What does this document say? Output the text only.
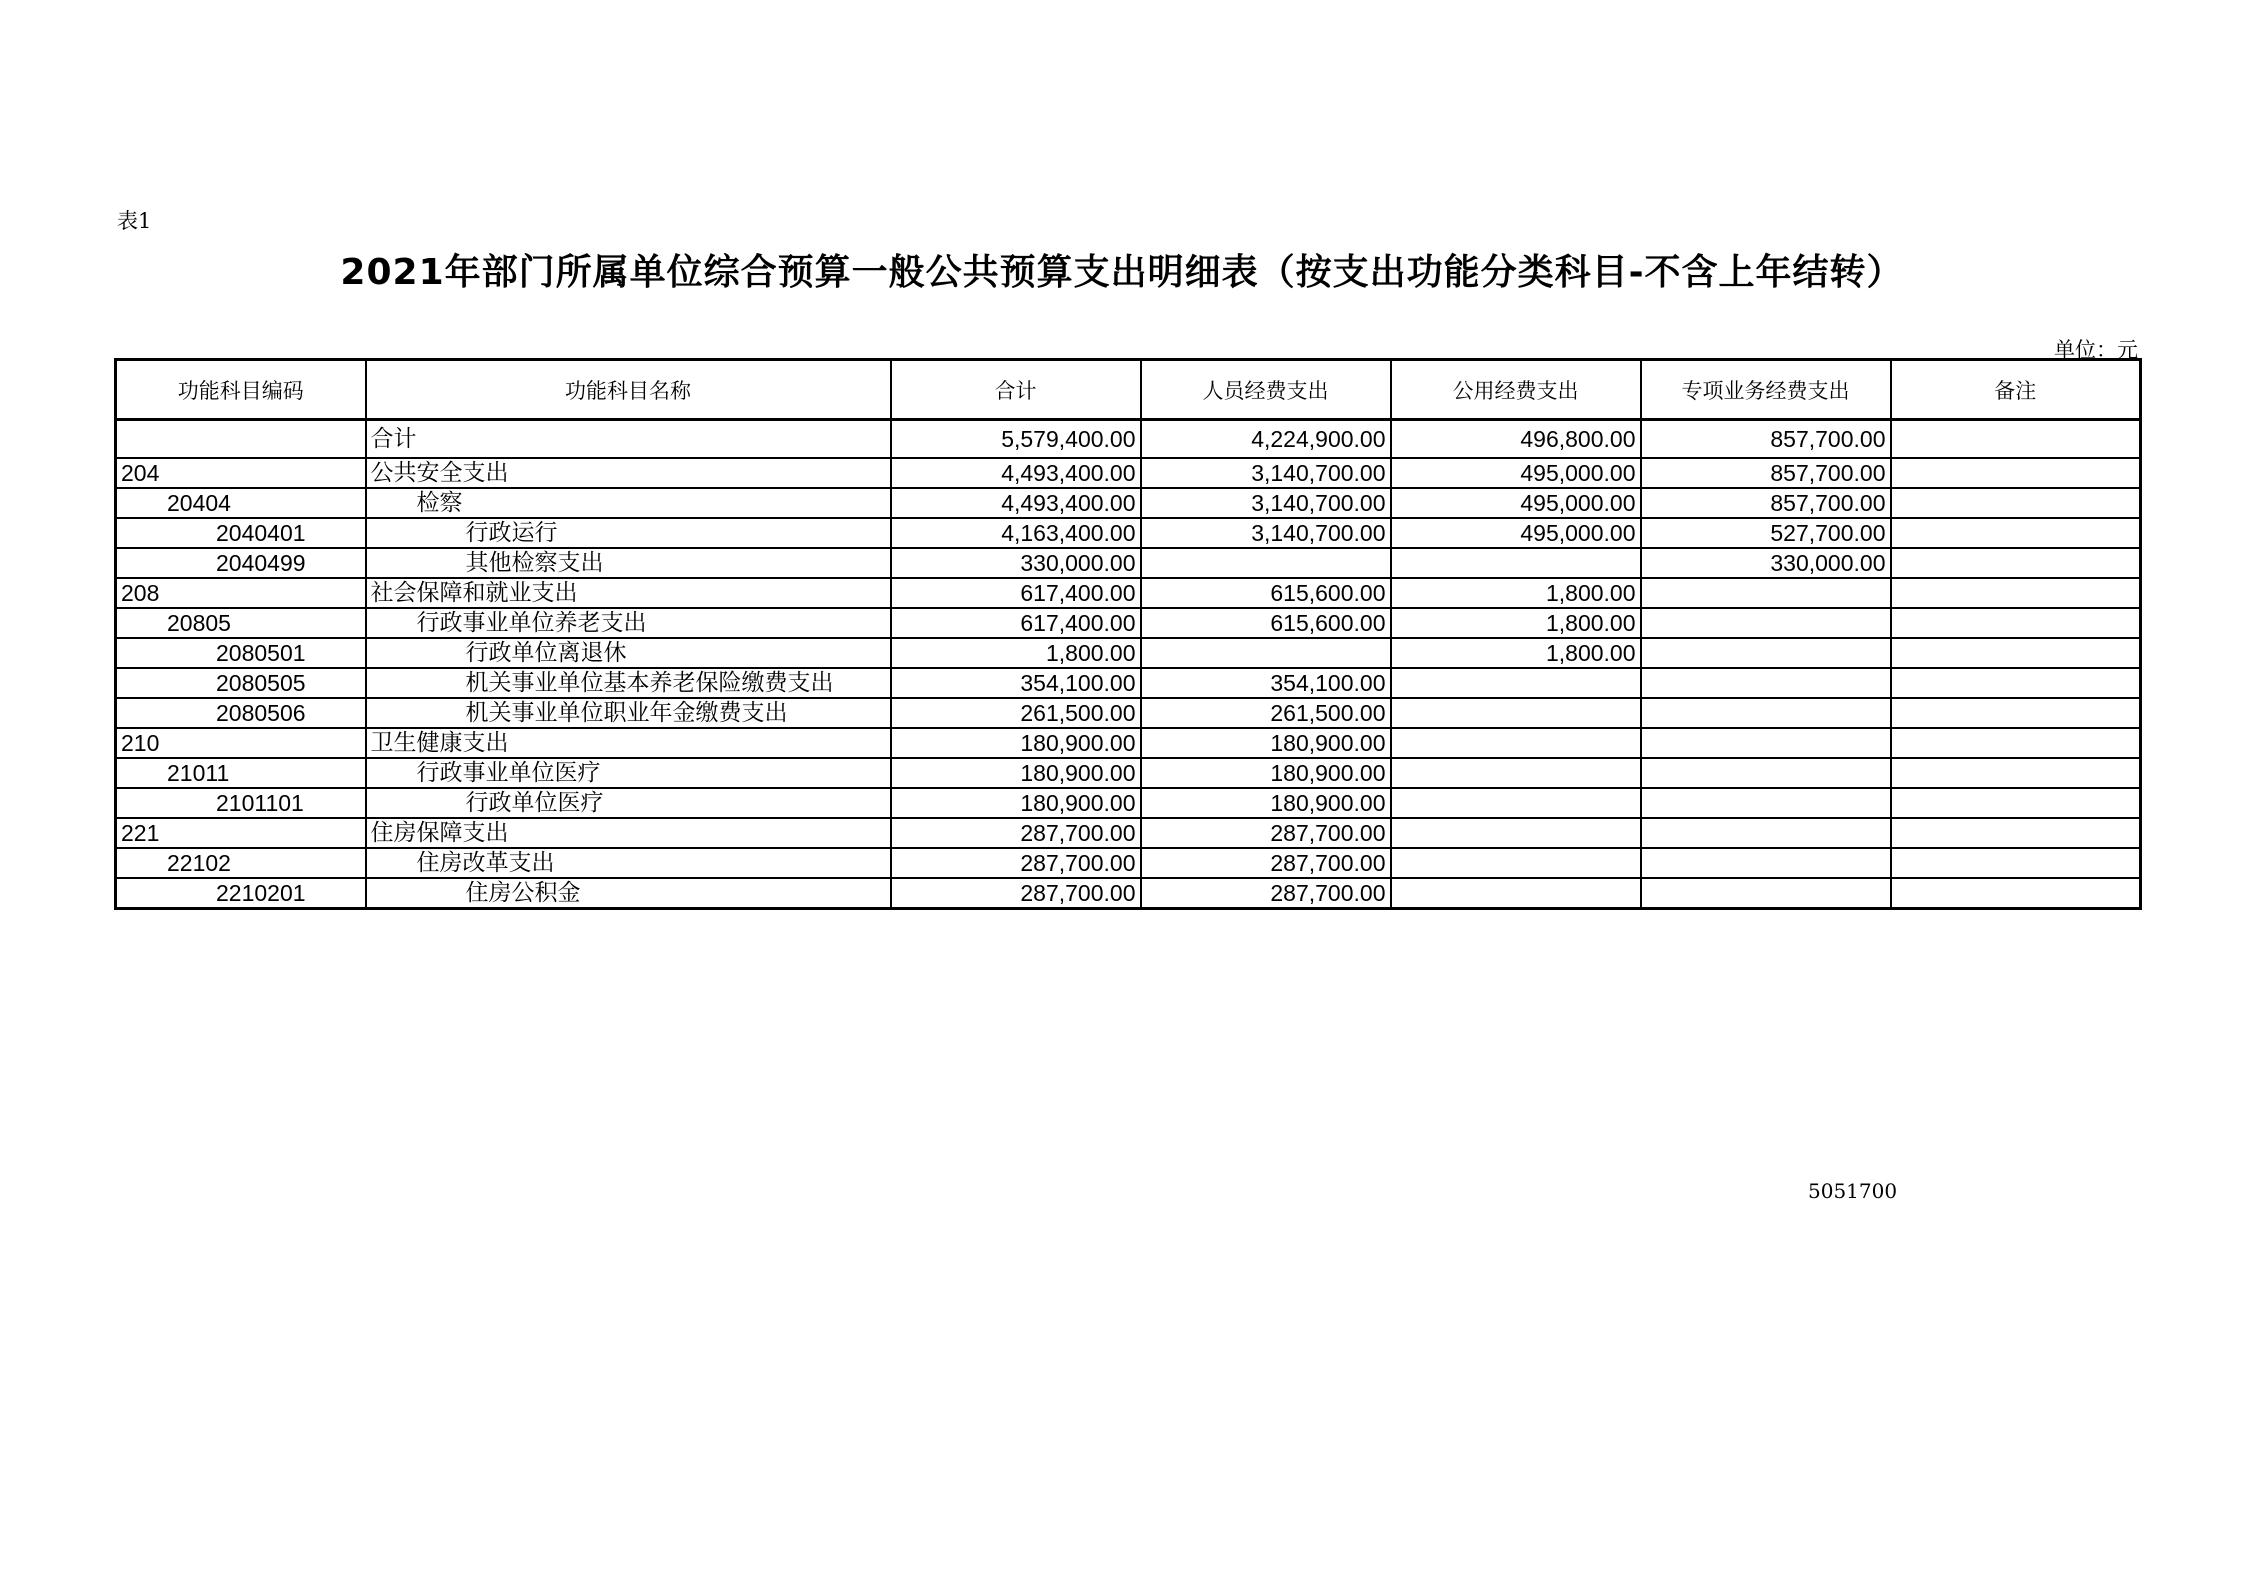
表1
2021年部门所属单位综合预算一般公共预算支出明细表（按支出功能分类科目-不含上年结转）
单位：元
功能科目编码	功能科目名称	合计	人员经费支出	公用经费支出	专项业务经费支出	备注
	合计	5,579,400.00	4,224,900.00	496,800.00	857,700.00	
204	公共安全支出	4,493,400.00	3,140,700.00	495,000.00	857,700.00	
20404	检察	4,493,400.00	3,140,700.00	495,000.00	857,700.00	
2040401	行政运行	4,163,400.00	3,140,700.00	495,000.00	527,700.00	
2040499	其他检察支出	330,000.00			330,000.00	
208	社会保障和就业支出	617,400.00	615,600.00	1,800.00		
20805	行政事业单位养老支出	617,400.00	615,600.00	1,800.00		
2080501	行政单位离退休	1,800.00		1,800.00		
2080505	机关事业单位基本养老保险缴费支出	354,100.00	354,100.00			
2080506	机关事业单位职业年金缴费支出	261,500.00	261,500.00			
210	卫生健康支出	180,900.00	180,900.00			
21011	行政事业单位医疗	180,900.00	180,900.00			
2101101	行政单位医疗	180,900.00	180,900.00			
221	住房保障支出	287,700.00	287,700.00			
22102	住房改革支出	287,700.00	287,700.00			
2210201	住房公积金	287,700.00	287,700.00			
5051700
